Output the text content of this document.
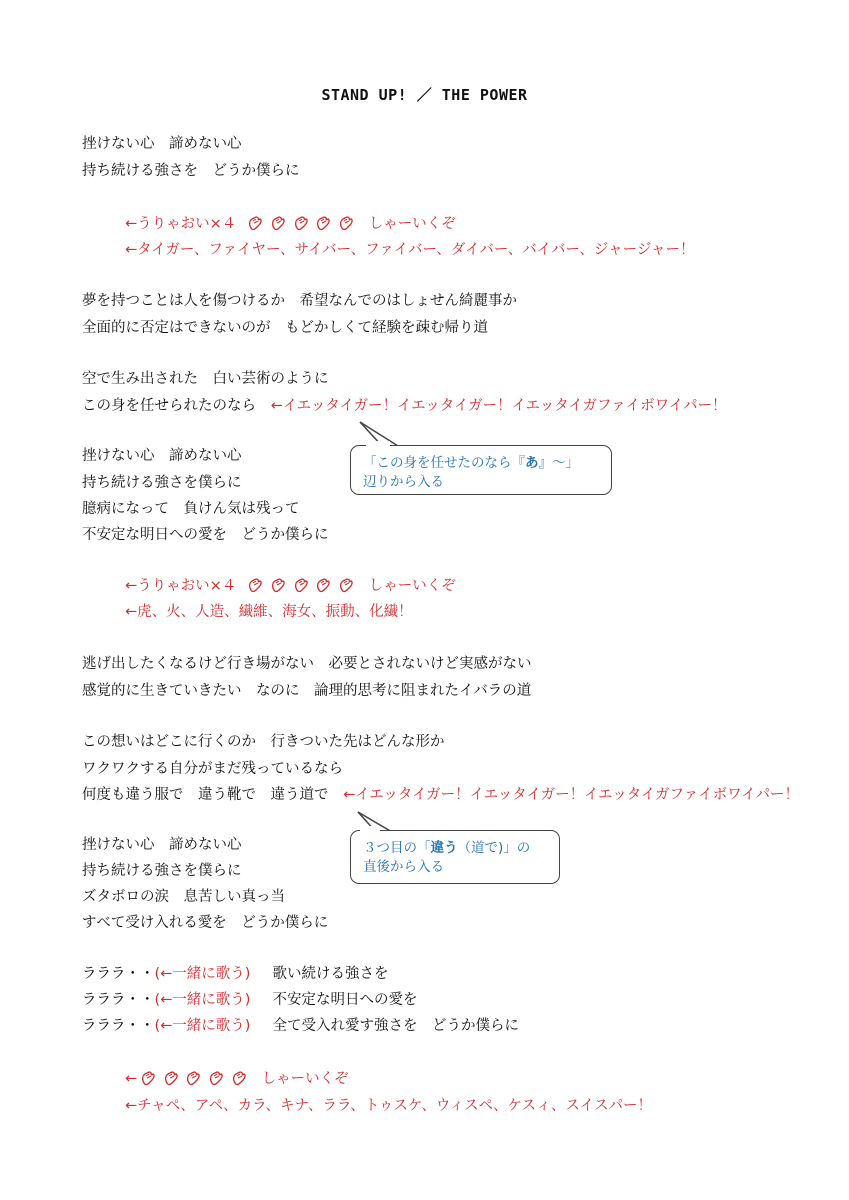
STAND UP! ／ THE POWER
挫けない心　諦めない心
持ち続ける強さを　どうか僕らに
←うりゃおい×４	しゃーいくぞ
←タイガー、ファイヤー、サイバー、ファイバー、ダイバー、バイバー、ジャージャー！
夢を持つことは人を傷つけるか　希望なんでのはしょせん綺麗事か
全面的に否定はできないのが　もどかしくて経験を疎む帰り道
空で生み出された　白い芸術のように
この身を任せられたのなら ←イエッタイガー！イエッタイガー！イエッタイガファイボワイパー！
「この身を任せたのなら『あ』～」
辺りから入る
挫けない心　諦めない心
持ち続ける強さを僕らに
臆病になって　負けん気は残って
不安定な明日への愛を　どうか僕らに
←うりゃおい×４	しゃーいくぞ
←虎、火、人造、繊維、海女、振動、化繊！
逃げ出したくなるけど行き場がない　必要とされないけど実感がない
感覚的に生きていきたい　なのに　論理的思考に阻まれたイバラの道
この想いはどこに行くのか　行きついた先はどんな形か
ワクワクする自分がまだ残っているなら
何度も違う服で　違う靴で　違う道で ←イエッタイガー！イエッタイガー！イエッタイガファイボワイパー！
３つ目の「違う（道で)」の
直後から入る
挫けない心　諦めない心
持ち続ける強さを僕らに
ズタボロの涙　息苦しい真っ当
すべて受け入れる愛を　どうか僕らに
ラララ・・(←一緒に歌う) 歌い続ける強さを
ラララ・・(←一緒に歌う) 不安定な明日への愛を
ラララ・・(←一緒に歌う) 全て受入れ愛す強さを　どうか僕らに
←	しゃーいくぞ
←チャペ、アペ、カラ、キナ、ララ、トゥスケ、ウィスペ、ケスィ、スイスパー！
